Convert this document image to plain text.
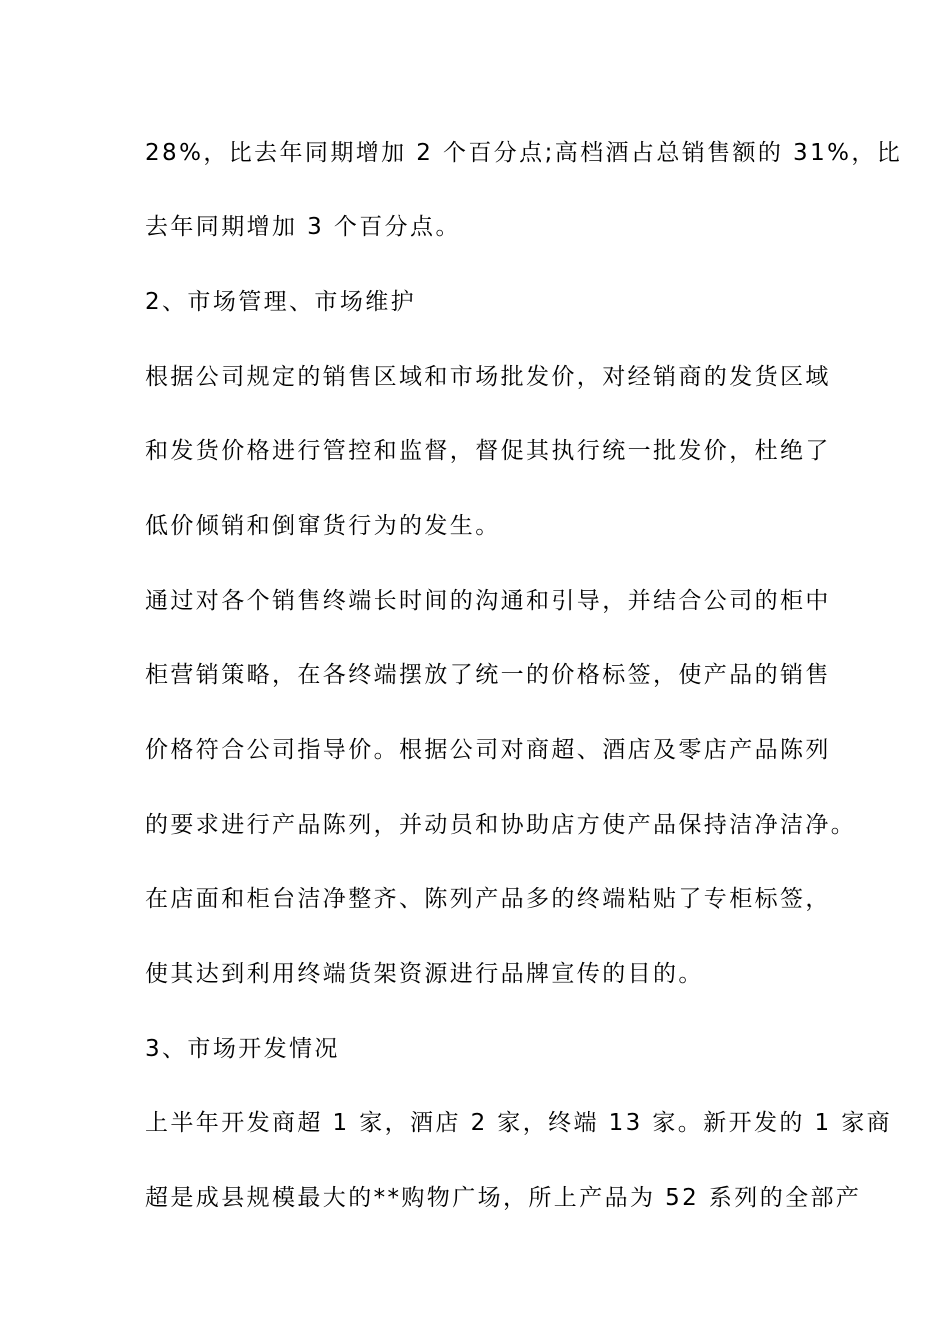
28%，比去年同期增加 2 个百分点;高档酒占总销售额的 31%，比
去年同期增加 3 个百分点。
2、市场管理、市场维护
根据公司规定的销售区域和市场批发价，对经销商的发货区域
和发货价格进行管控和监督，督促其执行统一批发价，杜绝了
低价倾销和倒窜货行为的发生。
通过对各个销售终端长时间的沟通和引导，并结合公司的柜中
柜营销策略，在各终端摆放了统一的价格标签，使产品的销售
价格符合公司指导价。根据公司对商超、酒店及零店产品陈列
的要求进行产品陈列，并动员和协助店方使产品保持洁净洁净。
在店面和柜台洁净整齐、陈列产品多的终端粘贴了专柜标签，
使其达到利用终端货架资源进行品牌宣传的目的。
3、市场开发情况
上半年开发商超 1 家，酒店 2 家，终端 13 家。新开发的 1 家商
超是成县规模最大的**购物广场，所上产品为 52 系列的全部产
